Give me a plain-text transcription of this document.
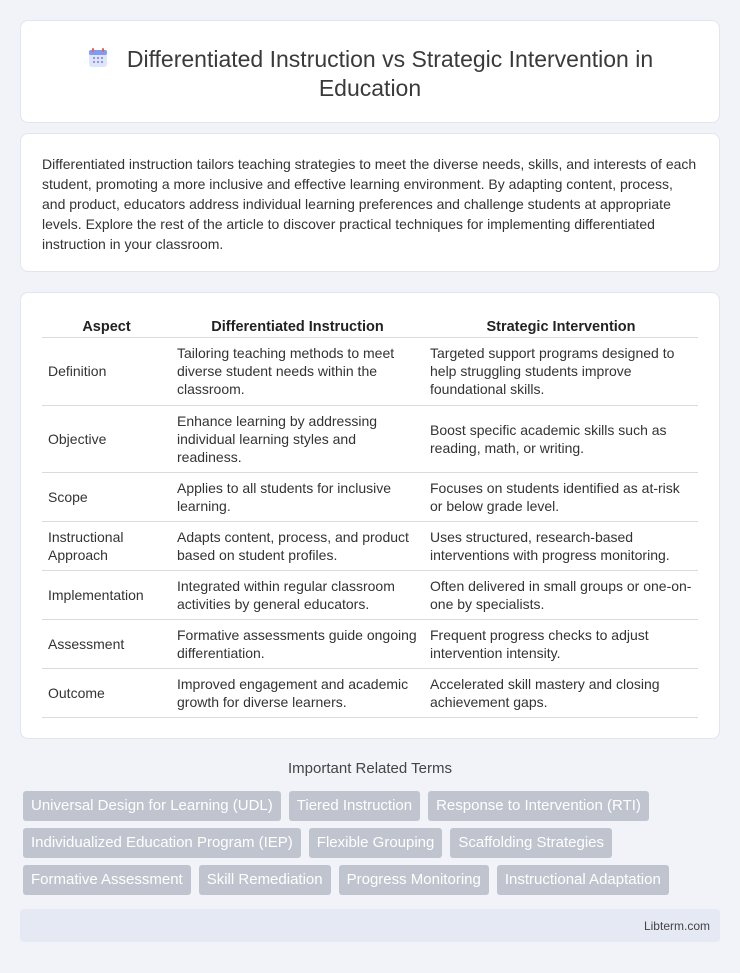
Differentiated Instruction vs Strategic Intervention in Education

Differentiated instruction tailors teaching strategies to meet the diverse needs, skills, and interests of each student, promoting a more inclusive and effective learning environment. By adapting content, process, and product, educators address individual learning preferences and challenge students at appropriate levels. Explore the rest of the article to discover practical techniques for implementing differentiated instruction in your classroom.

Aspect	Differentiated Instruction	Strategic Intervention
Definition	Tailoring teaching methods to meet diverse student needs within the classroom.	Targeted support programs designed to help struggling students improve foundational skills.
Objective	Enhance learning by addressing individual learning styles and readiness.	Boost specific academic skills such as reading, math, or writing.
Scope	Applies to all students for inclusive learning.	Focuses on students identified as at-risk or below grade level.
Instructional Approach	Adapts content, process, and product based on student profiles.	Uses structured, research-based interventions with progress monitoring.
Implementation	Integrated within regular classroom activities by general educators.	Often delivered in small groups or one-on-one by specialists.
Assessment	Formative assessments guide ongoing differentiation.	Frequent progress checks to adjust intervention intensity.
Outcome	Improved engagement and academic growth for diverse learners.	Accelerated skill mastery and closing achievement gaps.
Important Related Terms
Universal Design for Learning (UDL)	Tiered Instruction	Response to Intervention (RTI)
Individualized Education Program (IEP)	Flexible Grouping	Scaffolding Strategies
Formative Assessment	Skill Remediation	Progress Monitoring	Instructional Adaptation
Libterm.com
